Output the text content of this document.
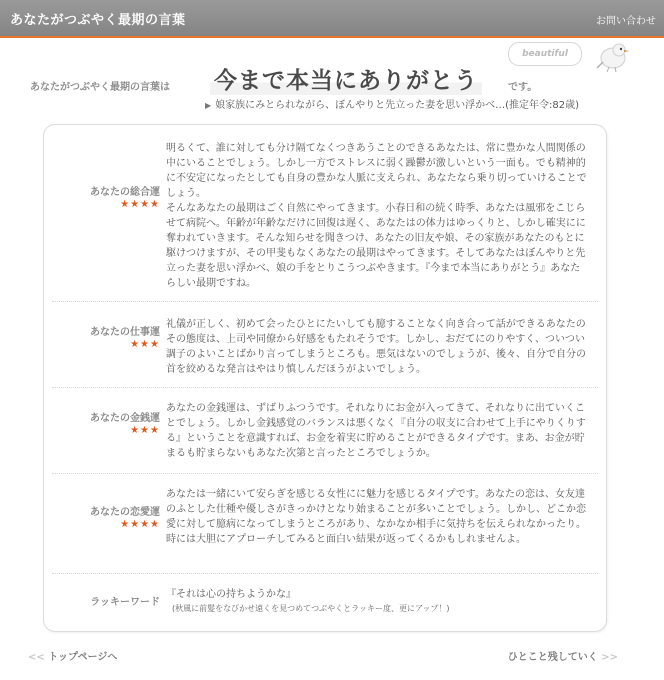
あなたがつぶやく最期の言葉	お問い合わせ
あなたがつぶやく最期の言葉は 今まで本当にありがとう	です。
beautiful
▶ 娘家族にみとられながら、ぼんやりと先立った妻を思い浮かべ…(推定年令:82歳)
あなたの総合運
★★★★

明るくて、誰に対しても分け隔てなくつきあうことのできるあなたは、常に豊かな人間関係の中にいることでしょう。しかし一方でストレスに弱く躁鬱が激しいという一面も。でも精神的に不安定になったとしても自身の豊かな人脈に支えられ、あなたなら乗り切っていけることでしょう。
そんなあなたの最期はごく自然にやってきます。小春日和の続く時季、あなたは風邪をこじらせて病院へ。年齢が年齢なだけに回復は遅く、あなたはの体力はゆっくりと、しかし確実にに奪われていきます。そんな知らせを聞きつけ、あなたの旧友や娘、その家族があなたのもとに駆けつけますが、その甲斐もなくあなたの最期はやってきます。そしてあなたはぼんやりと先立った妻を思い浮かべ、娘の手をとりこうつぶやきます。『今まで本当にありがとう』あなたらしい最期ですね。

あなたの仕事運
★★★

礼儀が正しく、初めて会ったひとにたいしても臆することなく向き合って話ができるあなたのその態度は、上司や同僚から好感をもたれそうです。しかし、おだてにのりやすく、ついつい調子のよいことばかり言ってしまうところも。悪気はないのでしょうが、後々、自分で自分の首を絞めるな発言はやはり慎しんだほうがよいでしょう。

あなたの金銭運
★★★

あなたの金銭運は、ずばりふつうです。それなりにお金が入ってきて、それなりに出ていくことでしょう。しかし金銭感覚のバランスは悪くなく『自分の収支に合わせて上手にやりくりする』ということを意識すれば、お金を着実に貯めることができるタイプです。まあ、お金が貯まるも貯まらないもあなた次第と言ったところでしょうか。

あなたの恋愛運
★★★★

あなたは一緒にいて安らぎを感じる女性にに魅力を感じるタイプです。あなたの恋は、女友達のふとした仕種や優しさがきっかけとなり始まることが多いことでしょう。しかし、どこか恋愛に対して臆病になってしまうところがあり、なかなか相手に気持ちを伝えられなかったり。時には大胆にアプローチしてみると面白い結果が返ってくるかもしれませんよ。

ラッキーワード
『それは心の持ちようかな』
(秋風に前髪をなびかせ遠くを見つめてつぶやくとラッキー度、更にアップ！)
<< トップページへ	ひとこと残していく >>
